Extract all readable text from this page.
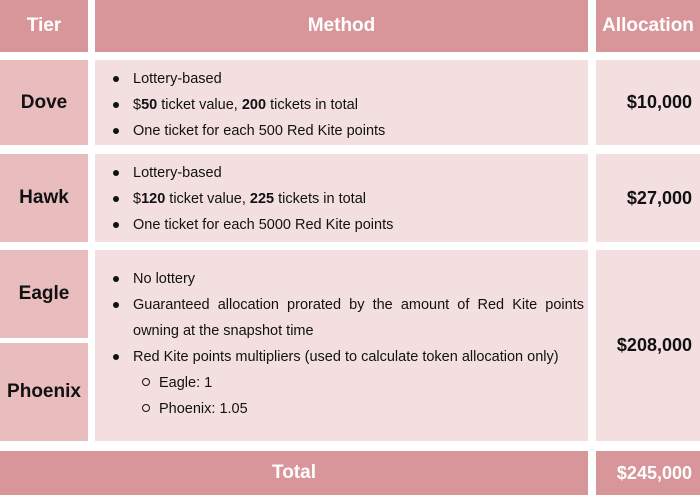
Tier	Method	Allocation
Dove
Lottery-based
$50 ticket value, 200 tickets in total
One ticket for each 500 Red Kite points
$10,000
Hawk
Lottery-based
$120 ticket value, 225 tickets in total
One ticket for each 5000 Red Kite points
$27,000
Eagle
Phoenix
No lottery
Guaranteed allocation prorated by the amount of Red Kite points owning at the snapshot time
Red Kite points multipliers (used to calculate token allocation only)
Eagle: 1
Phoenix: 1.05
$208,000
Total	$245,000
